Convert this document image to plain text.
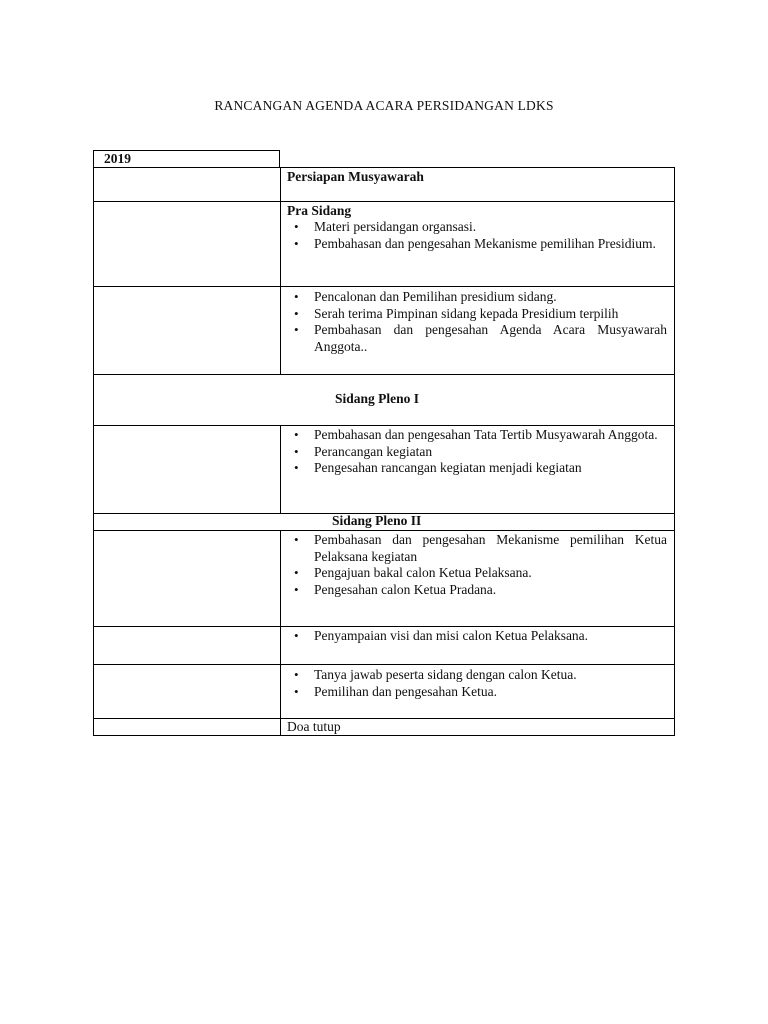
RANCANGAN AGENDA ACARA PERSIDANGAN LDKS
2019
Persiapan Musyawarah
Pra Sidang
• Materi persidangan organsasi.
• Pembahasan dan pengesahan Mekanisme pemilihan Presidium.
• Pencalonan dan Pemilihan presidium sidang.
• Serah terima Pimpinan sidang kepada Presidium terpilih
• Pembahasan dan pengesahan Agenda Acara Musyawarah Anggota..
Sidang Pleno I
• Pembahasan dan pengesahan Tata Tertib Musyawarah Anggota.
• Perancangan kegiatan
• Pengesahan rancangan kegiatan menjadi kegiatan
Sidang Pleno II
• Pembahasan dan pengesahan Mekanisme pemilihan Ketua Pelaksana kegiatan
• Pengajuan bakal calon Ketua Pelaksana.
• Pengesahan calon Ketua Pradana.
• Penyampaian visi dan misi calon Ketua Pelaksana.
• Tanya jawab peserta sidang dengan calon Ketua.
• Pemilihan dan pengesahan Ketua.
Doa tutup
